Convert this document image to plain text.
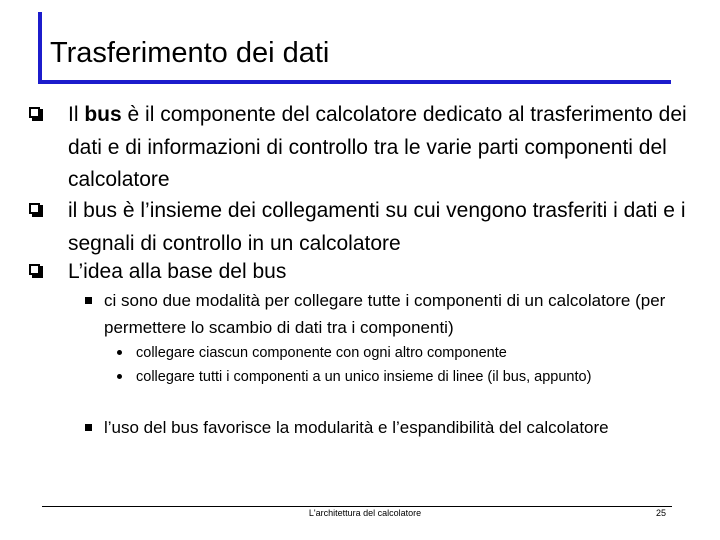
Trasferimento dei dati
Il bus è il componente del calcolatore dedicato al trasferimento dei dati e di informazioni di controllo tra le varie parti componenti del calcolatore
il bus è l’insieme dei collegamenti su cui vengono trasferiti i dati e i segnali di controllo in un calcolatore
L’idea alla base del bus
ci sono due modalità per collegare tutte i componenti di un calcolatore (per permettere lo scambio di dati tra i componenti)
collegare ciascun componente con ogni altro componente
collegare tutti i componenti a un unico insieme di linee (il bus, appunto)
l’uso del bus favorisce la modularità e l’espandibilità del calcolatore
L'architettura del calcolatore	25
